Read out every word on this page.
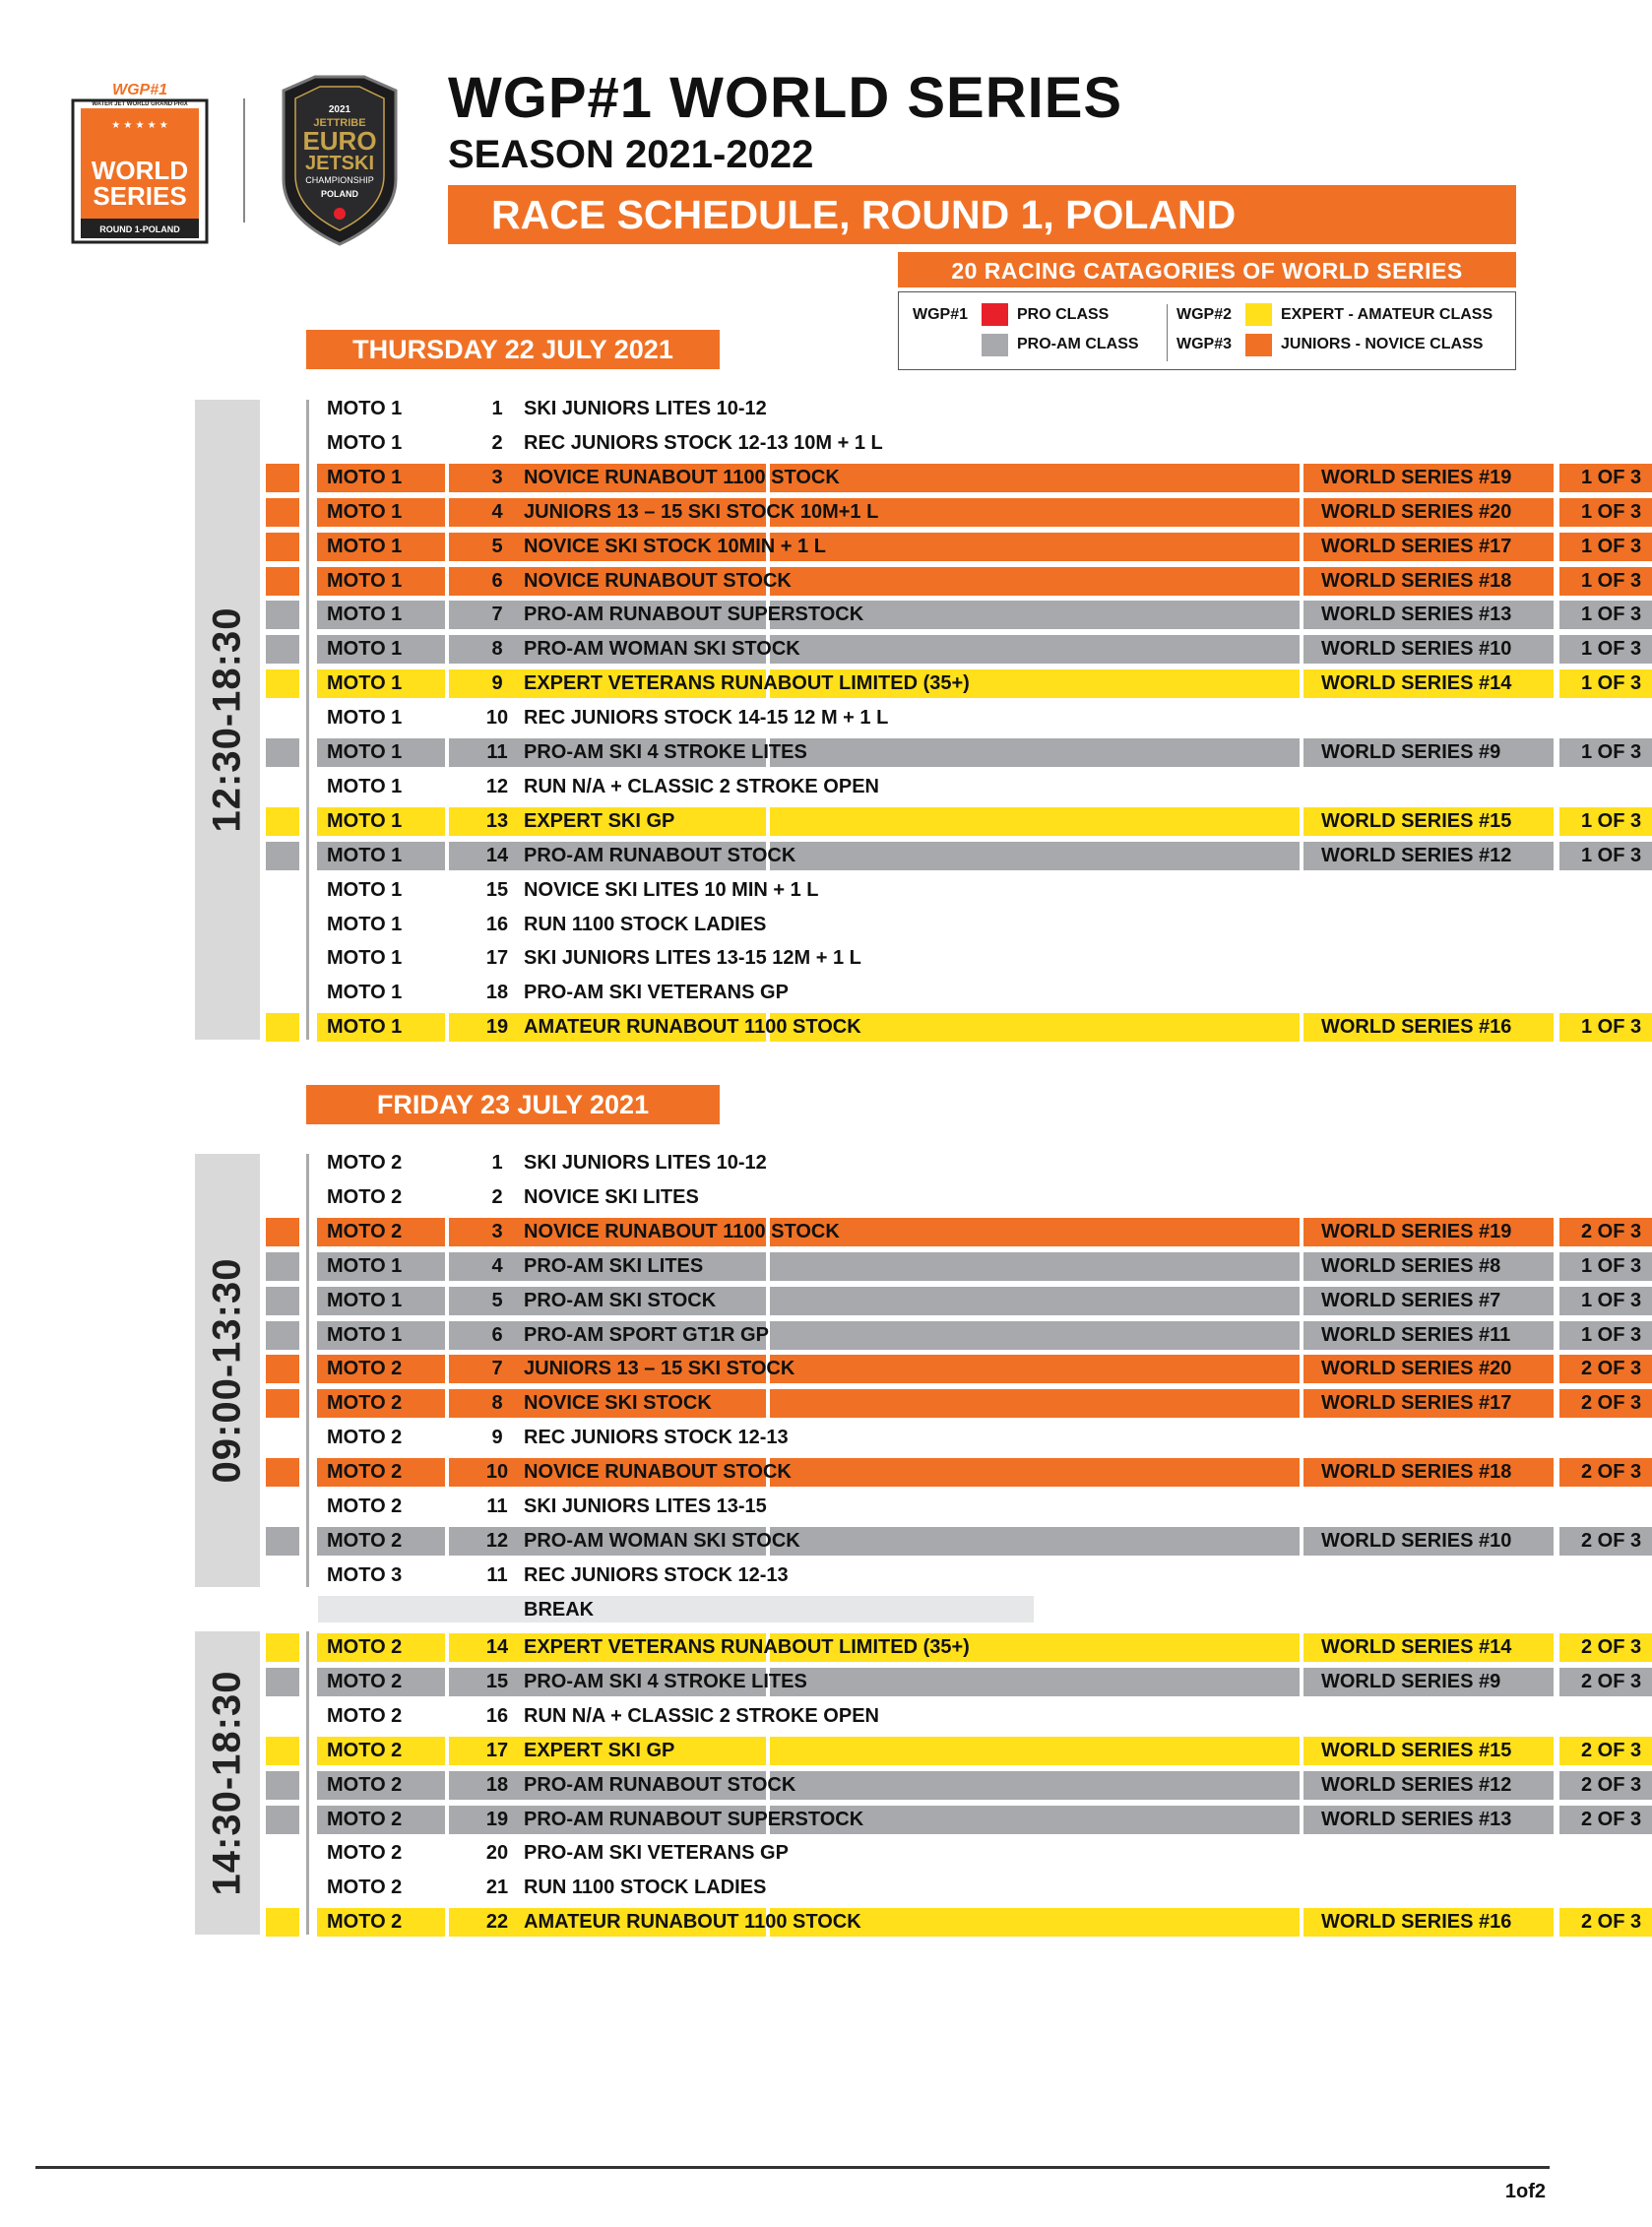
WGP#1
WATER JET WORLD GRAND PRIX
★ ★ ★ ★ ★
WORLD
SERIES
ROUND 1-POLAND
2021
JETTRIBE
EURO
JETSKI
CHAMPIONSHIP
POLAND
WGP#1 WORLD SERIES
SEASON 2021-2022
RACE SCHEDULE, ROUND 1, POLAND
20 RACING CATAGORIES OF WORLD SERIES
WGP#1	PRO CLASS
PRO-AM CLASS
WGP#2	EXPERT - AMATEUR CLASS
WGP#3	JUNIORS - NOVICE CLASS
THURSDAY 22 JULY 2021
FRIDAY 23 JULY 2021
12:30-18:30
09:00-13:30
14:30-18:30
MOTO 1	1	SKI JUNIORS LITES 10-12
MOTO 1	2	REC JUNIORS STOCK 12-13 10M + 1 L
MOTO 1	3	NOVICE RUNABOUT 1100 STOCK	WORLD SERIES #19	1 OF 3
MOTO 1	4	JUNIORS 13 – 15 SKI STOCK 10M+1 L	WORLD SERIES #20	1 OF 3
MOTO 1	5	NOVICE SKI STOCK 10MIN + 1 L	WORLD SERIES #17	1 OF 3
MOTO 1	6	NOVICE RUNABOUT STOCK	WORLD SERIES #18	1 OF 3
MOTO 1	7	PRO-AM RUNABOUT SUPERSTOCK	WORLD SERIES #13	1 OF 3
MOTO 1	8	PRO-AM WOMAN SKI STOCK	WORLD SERIES #10	1 OF 3
MOTO 1	9	EXPERT VETERANS RUNABOUT LIMITED (35+)	WORLD SERIES #14	1 OF 3
MOTO 1	10 REC JUNIORS STOCK 14-15 12 M + 1 L
MOTO 1	11 PRO-AM SKI 4 STROKE LITES	WORLD SERIES #9	1 OF 3
MOTO 1	12 RUN N/A + CLASSIC 2 STROKE OPEN
MOTO 1	13 EXPERT SKI GP	WORLD SERIES #15	1 OF 3
MOTO 1	14 PRO-AM RUNABOUT STOCK	WORLD SERIES #12	1 OF 3
MOTO 1	15 NOVICE SKI LITES 10 MIN + 1 L
MOTO 1	16 RUN 1100 STOCK LADIES
MOTO 1	17 SKI JUNIORS LITES 13-15 12M + 1 L
MOTO 1	18 PRO-AM SKI VETERANS GP
MOTO 1	19 AMATEUR RUNABOUT 1100 STOCK	WORLD SERIES #16	1 OF 3
MOTO 2	1	SKI JUNIORS LITES 10-12
MOTO 2	2	NOVICE SKI LITES
MOTO 2	3	NOVICE RUNABOUT 1100 STOCK	WORLD SERIES #19	2 OF 3
MOTO 1	4	PRO-AM SKI LITES	WORLD SERIES #8	1 OF 3
MOTO 1	5	PRO-AM SKI STOCK	WORLD SERIES #7	1 OF 3
MOTO 1	6	PRO-AM SPORT GT1R GP	WORLD SERIES #11	1 OF 3
MOTO 2	7	JUNIORS 13 – 15 SKI STOCK	WORLD SERIES #20	2 OF 3
MOTO 2	8	NOVICE SKI STOCK	WORLD SERIES #17	2 OF 3
MOTO 2	9	REC JUNIORS STOCK 12-13
MOTO 2	10 NOVICE RUNABOUT STOCK	WORLD SERIES #18	2 OF 3
MOTO 2	11 SKI JUNIORS LITES 13-15
MOTO 2	12 PRO-AM WOMAN SKI STOCK	WORLD SERIES #10	2 OF 3
MOTO 3	11 REC JUNIORS STOCK 12-13
BREAK
MOTO 2	14 EXPERT VETERANS RUNABOUT LIMITED (35+)	WORLD SERIES #14	2 OF 3
MOTO 2	15 PRO-AM SKI 4 STROKE LITES	WORLD SERIES #9	2 OF 3
MOTO 2	16 RUN N/A + CLASSIC 2 STROKE OPEN
MOTO 2	17 EXPERT SKI GP	WORLD SERIES #15	2 OF 3
MOTO 2	18 PRO-AM RUNABOUT STOCK	WORLD SERIES #12	2 OF 3
MOTO 2	19 PRO-AM RUNABOUT SUPERSTOCK	WORLD SERIES #13	2 OF 3
MOTO 2	20 PRO-AM SKI VETERANS GP
MOTO 2	21 RUN 1100 STOCK LADIES
MOTO 2	22 AMATEUR RUNABOUT 1100 STOCK	WORLD SERIES #16	2 OF 3
1of2
